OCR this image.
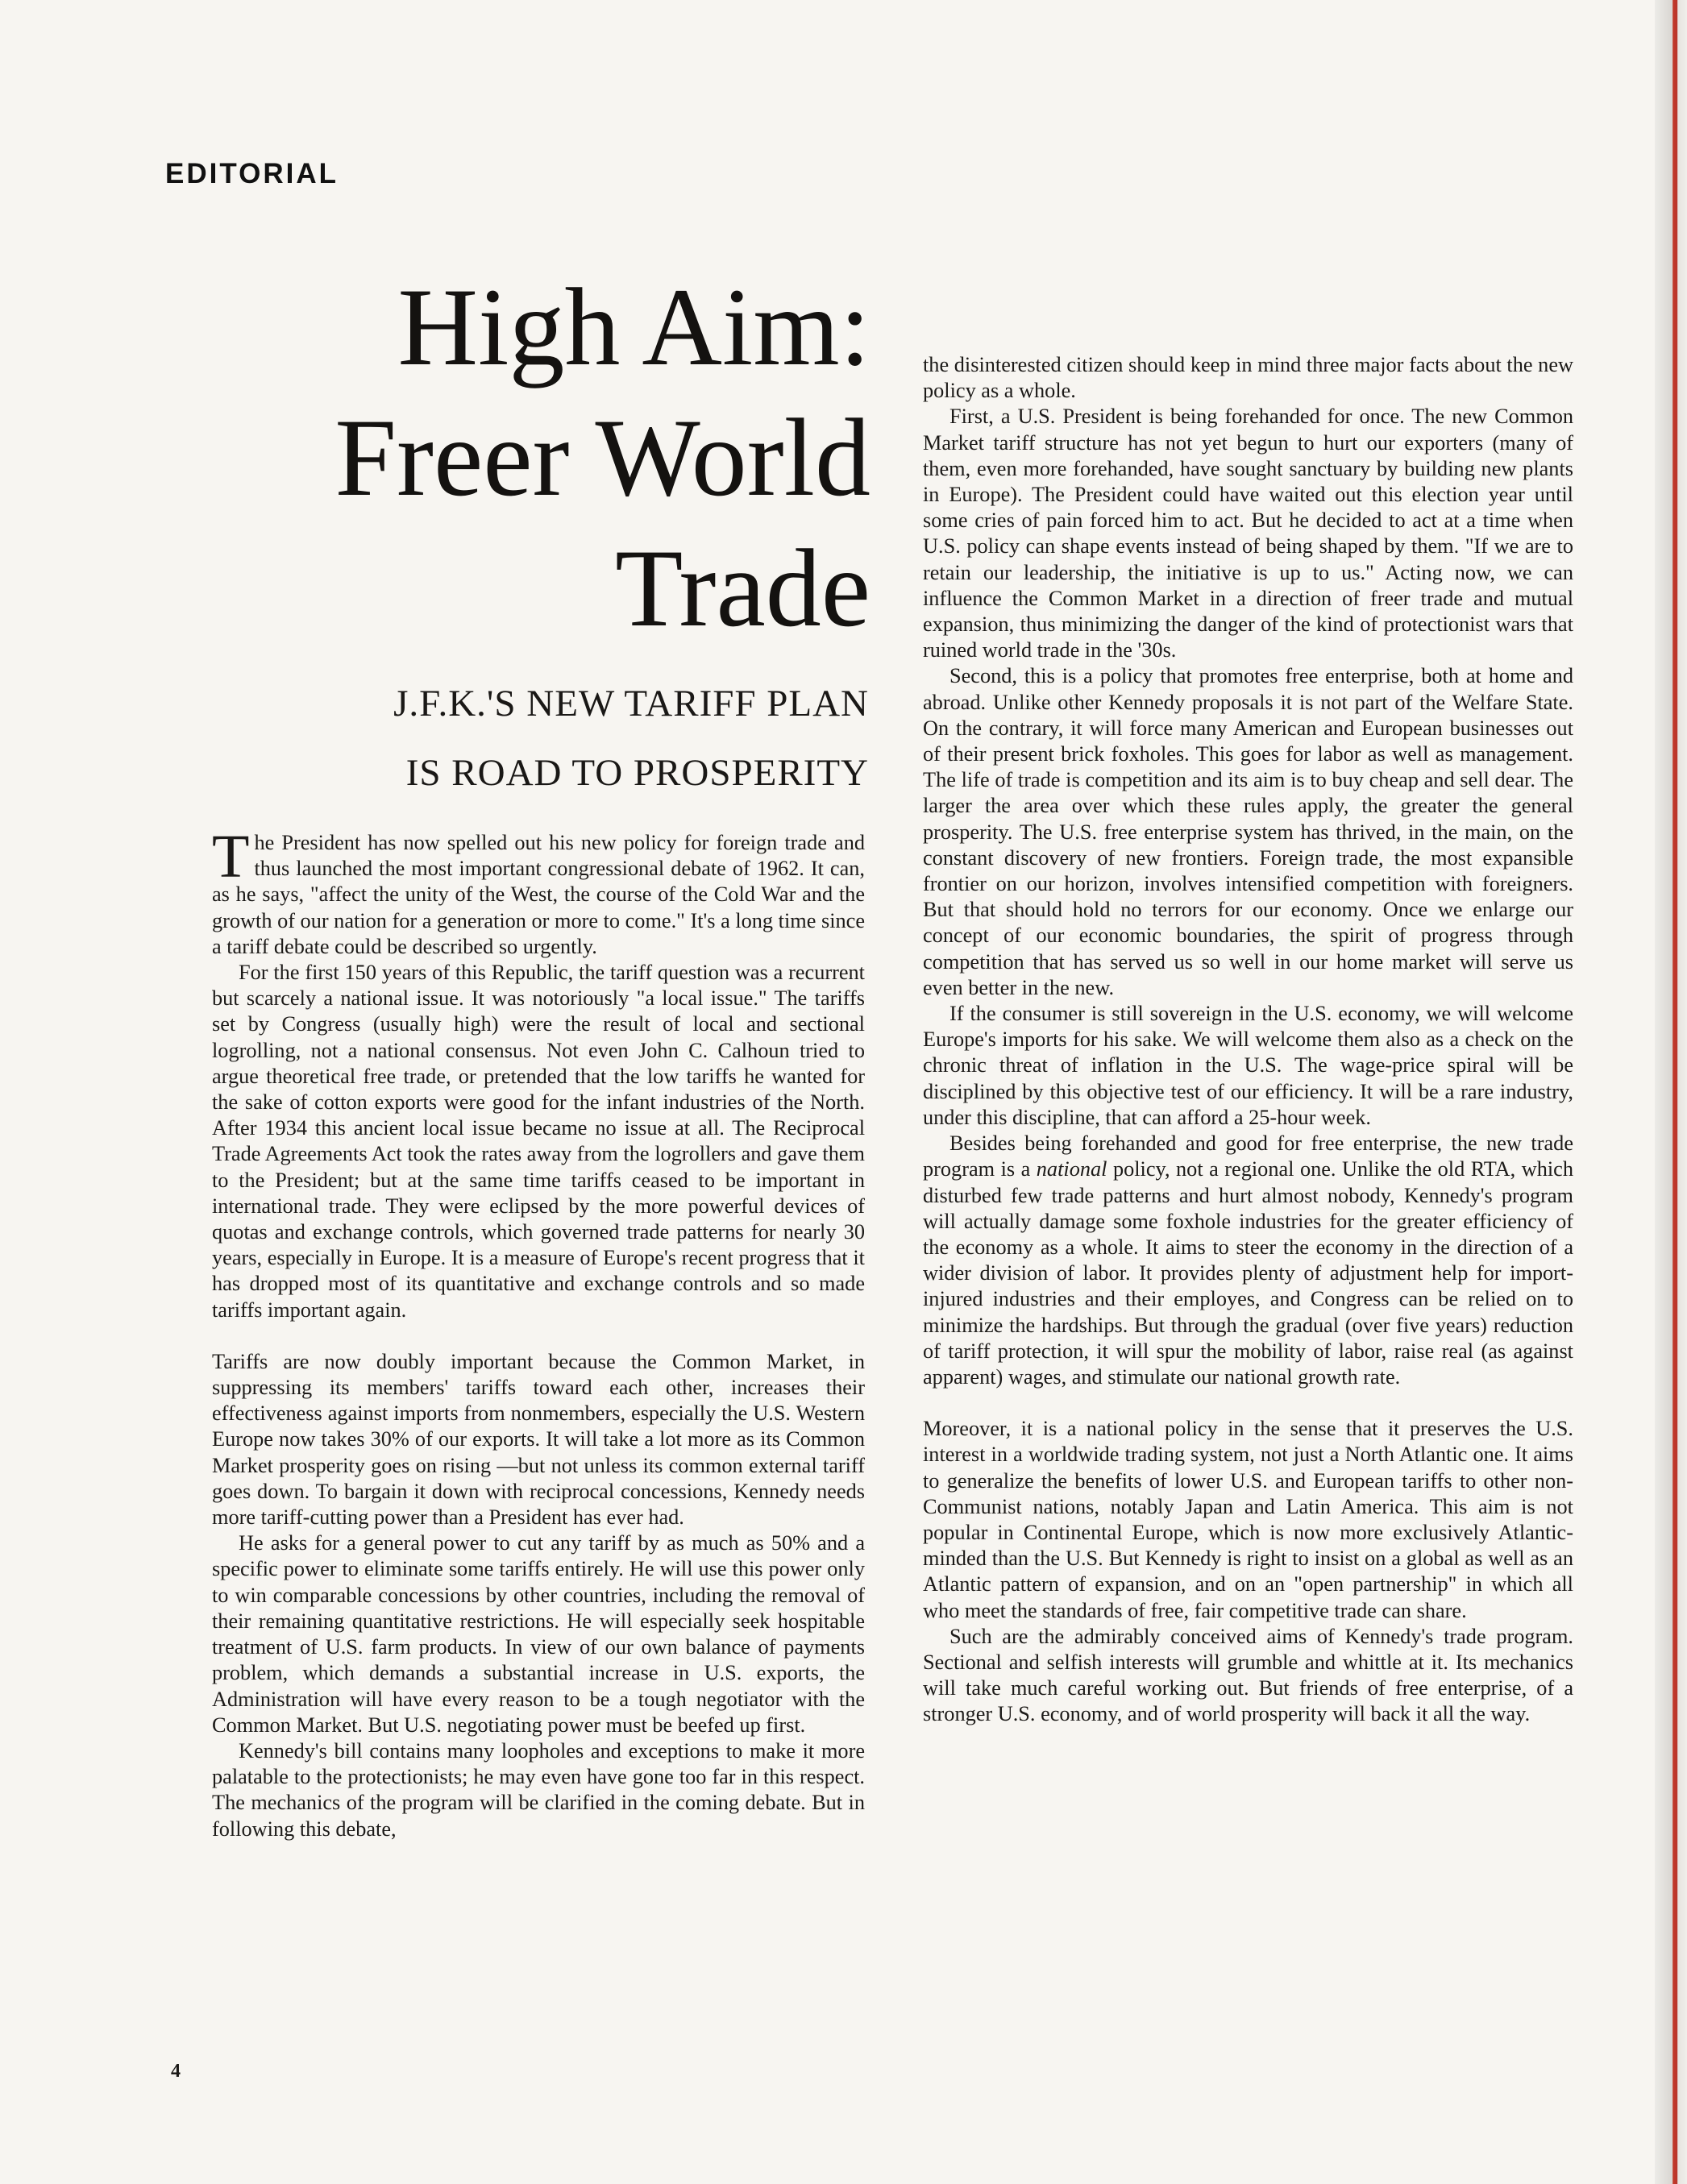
EDITORIAL
High Aim:
Freer World
Trade
J.F.K.'S NEW TARIFF PLAN
IS ROAD TO PROSPERITY

The President has now spelled out his new policy for foreign trade and thus launched the most important congressional debate of 1962. It can, as he says, "affect the unity of the West, the course of the Cold War and the growth of our nation for a generation or more to come." It's a long time since a tariff debate could be described so urgently.

For the first 150 years of this Republic, the tariff question was a recurrent but scarcely a national issue. It was notoriously "a local issue." The tariffs set by Congress (usually high) were the result of local and sectional logrolling, not a national consensus. Not even John C. Calhoun tried to argue theoretical free trade, or pretended that the low tariffs he wanted for the sake of cotton exports were good for the infant industries of the North. After 1934 this ancient local issue became no issue at all. The Reciprocal Trade Agreements Act took the rates away from the logrollers and gave them to the President; but at the same time tariffs ceased to be important in international trade. They were eclipsed by the more powerful devices of quotas and exchange controls, which governed trade patterns for nearly 30 years, especially in Europe. It is a measure of Europe's recent progress that it has dropped most of its quantitative and exchange controls and so made tariffs important again.

Tariffs are now doubly important because the Common Market, in suppressing its members' tariffs toward each other, increases their effectiveness against imports from nonmembers, especially the U.S. Western Europe now takes 30% of our exports. It will take a lot more as its Common Market prosperity goes on rising —but not unless its common external tariff goes down. To bargain it down with reciprocal concessions, Kennedy needs more tariff-cutting power than a President has ever had.

He asks for a general power to cut any tariff by as much as 50% and a specific power to eliminate some tariffs entirely. He will use this power only to win comparable concessions by other countries, including the removal of their remaining quantitative restrictions. He will especially seek hospitable treatment of U.S. farm products. In view of our own balance of payments problem, which demands a substantial increase in U.S. exports, the Administration will have every reason to be a tough negotiator with the Common Market. But U.S. negotiating power must be beefed up first.

Kennedy's bill contains many loopholes and exceptions to make it more palatable to the protectionists; he may even have gone too far in this respect. The mechanics of the program will be clarified in the coming debate. But in following this debate,

the disinterested citizen should keep in mind three major facts about the new policy as a whole.

First, a U.S. President is being forehanded for once. The new Common Market tariff structure has not yet begun to hurt our exporters (many of them, even more forehanded, have sought sanctuary by building new plants in Europe). The President could have waited out this election year until some cries of pain forced him to act. But he decided to act at a time when U.S. policy can shape events instead of being shaped by them. "If we are to retain our leadership, the initiative is up to us." Acting now, we can influence the Common Market in a direction of freer trade and mutual expansion, thus minimizing the danger of the kind of protectionist wars that ruined world trade in the '30s.

Second, this is a policy that promotes free enterprise, both at home and abroad. Unlike other Kennedy proposals it is not part of the Welfare State. On the contrary, it will force many American and European businesses out of their present brick foxholes. This goes for labor as well as management. The life of trade is competition and its aim is to buy cheap and sell dear. The larger the area over which these rules apply, the greater the general prosperity. The U.S. free enterprise system has thrived, in the main, on the constant discovery of new frontiers. Foreign trade, the most expansible frontier on our horizon, involves intensified competition with foreigners. But that should hold no terrors for our economy. Once we enlarge our concept of our economic boundaries, the spirit of progress through competition that has served us so well in our home market will serve us even better in the new.

If the consumer is still sovereign in the U.S. economy, we will welcome Europe's imports for his sake. We will welcome them also as a check on the chronic threat of inflation in the U.S. The wage-price spiral will be disciplined by this objective test of our efficiency. It will be a rare industry, under this discipline, that can afford a 25-hour week.

Besides being forehanded and good for free enterprise, the new trade program is a national policy, not a regional one. Unlike the old RTA, which disturbed few trade patterns and hurt almost nobody, Kennedy's program will actually damage some foxhole industries for the greater efficiency of the economy as a whole. It aims to steer the economy in the direction of a wider division of labor. It provides plenty of adjustment help for import-injured industries and their employes, and Congress can be relied on to minimize the hardships. But through the gradual (over five years) reduction of tariff protection, it will spur the mobility of labor, raise real (as against apparent) wages, and stimulate our national growth rate.

Moreover, it is a national policy in the sense that it preserves the U.S. interest in a worldwide trading system, not just a North Atlantic one. It aims to generalize the benefits of lower U.S. and European tariffs to other non-Communist nations, notably Japan and Latin America. This aim is not popular in Continental Europe, which is now more exclusively Atlantic-minded than the U.S. But Kennedy is right to insist on a global as well as an Atlantic pattern of expansion, and on an "open partnership" in which all who meet the standards of free, fair competitive trade can share.

Such are the admirably conceived aims of Kennedy's trade program. Sectional and selfish interests will grumble and whittle at it. Its mechanics will take much careful working out. But friends of free enterprise, of a stronger U.S. economy, and of world prosperity will back it all the way.

4
